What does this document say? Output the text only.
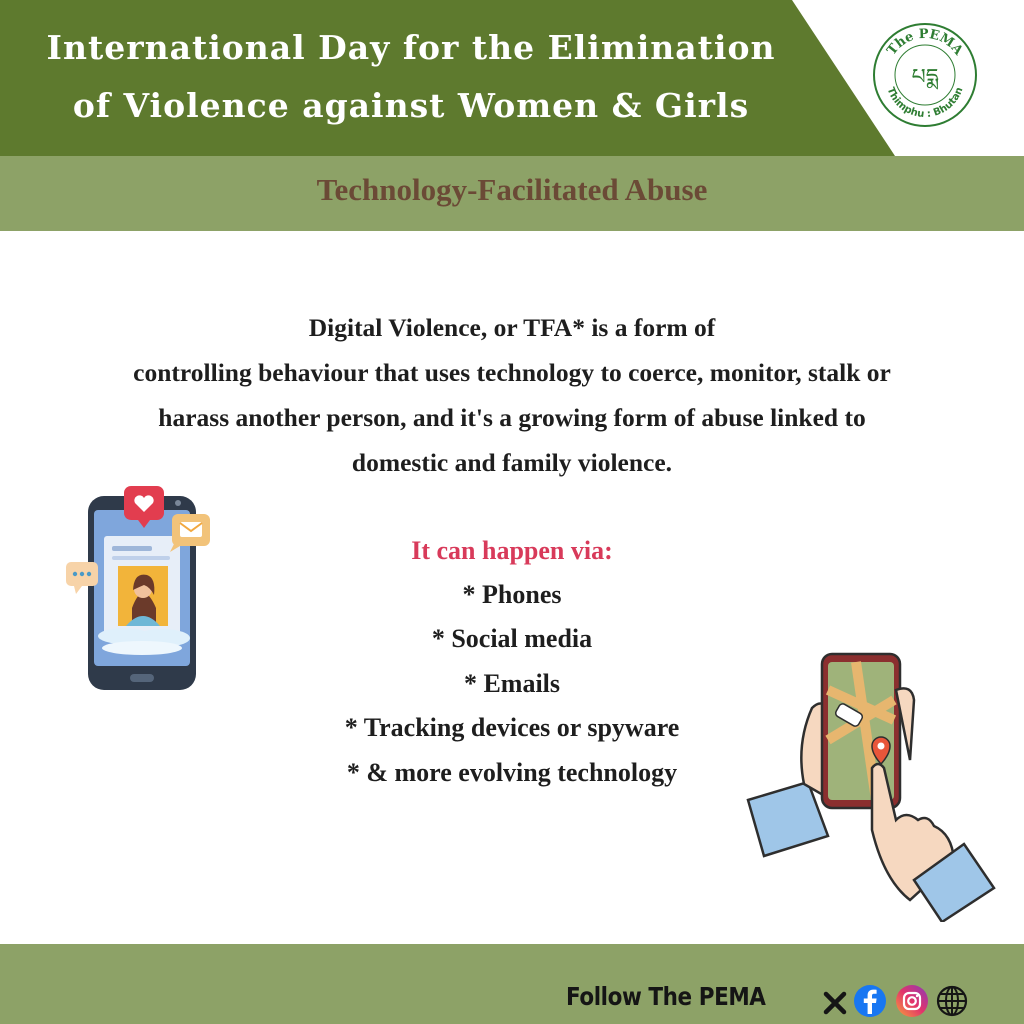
International Day for the Elimination
of Violence against Women & Girls
The PEMA
Thimphu : Bhutan
པདྨ
Technology-Facilitated Abuse
Digital Violence, or TFA* is a form of
controlling behaviour that uses technology to coerce, monitor, stalk or
harass another person, and it's a growing form of abuse linked to
domestic and family violence.
It can happen via:
* Phones
* Social media
* Emails
* Tracking devices or spyware
* & more evolving technology
Follow The PEMA
